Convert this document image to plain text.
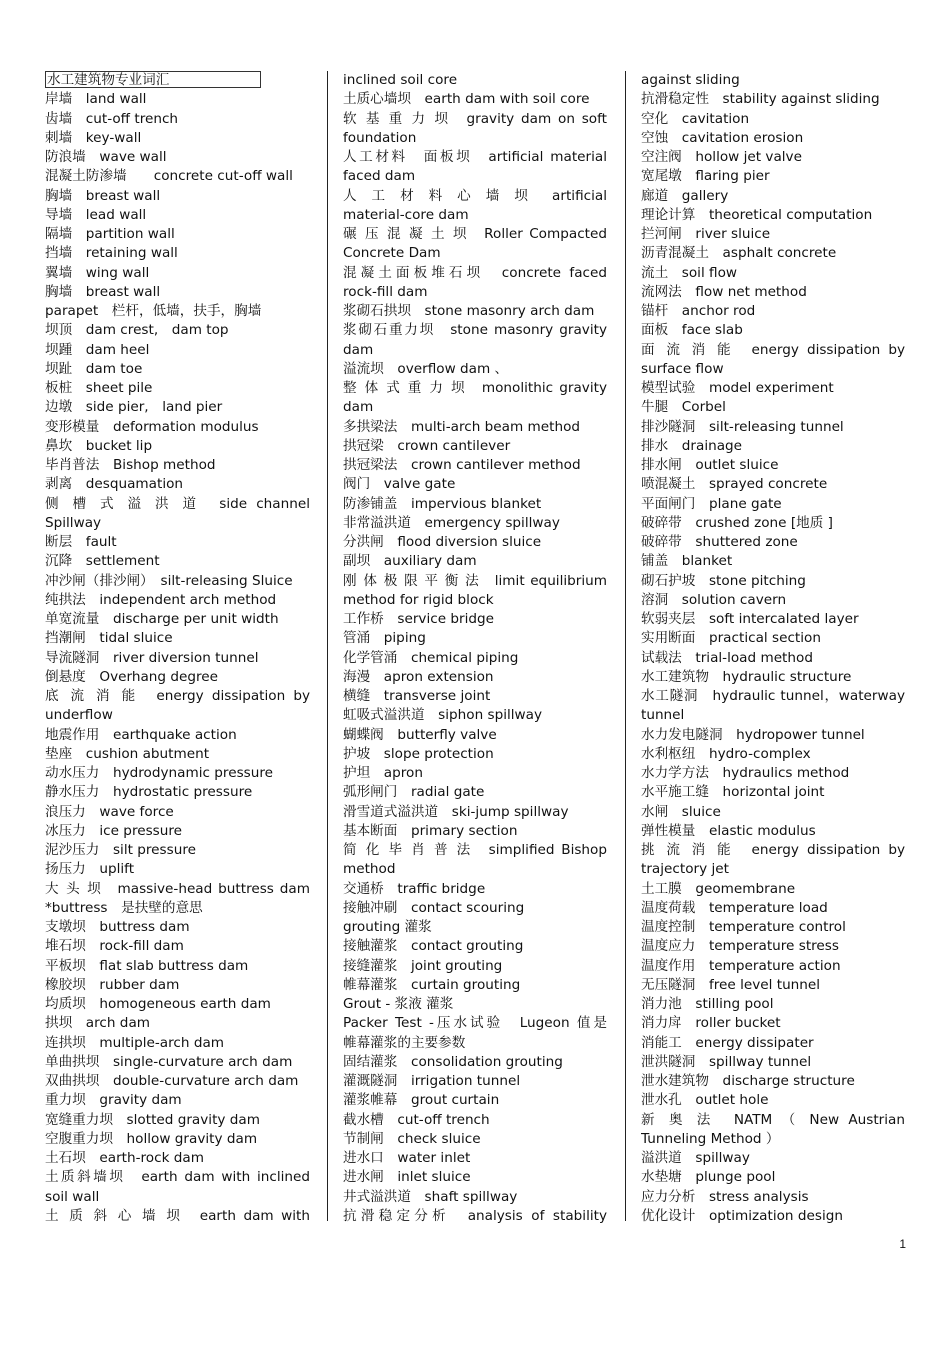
水工建筑物专业词汇
岸墙　land wall
齿墙　cut-off trench
刺墙　key-wall
防浪墙　wave wall
混凝土防渗墙　　concrete cut-off wall
胸墙　breast wall
导墙　lead wall
隔墙　partition wall
挡墙　retaining wall
翼墙　wing wall
胸墙　breast wall
parapet　栏杆，低墙，扶手，胸墙
坝顶　dam crest,　dam top
坝踵　dam heel
坝趾　dam toe
板桩　sheet pile
边墩　side pier,　land pier
变形模量　deformation modulus
鼻坎　bucket lip
毕肖普法　Bishop method
剥离　desquamation
侧 槽 式 溢 洪 道　side channel
Spillway
断层　fault
沉降　settlement
冲沙闸（排沙闸）　silt-releasing Sluice
纯拱法　independent arch method
单宽流量　discharge per unit width
挡潮闸　tidal sluice
导流隧洞　river diversion tunnel
倒悬度　Overhang degree
底 流 消 能　energy dissipation by
underflow
地震作用　earthquake action
垫座　cushion abutment
动水压力　hydrodynamic pressure
静水压力　hydrostatic pressure
浪压力　wave force
冰压力　ice pressure
泥沙压力　silt pressure
扬压力　uplift
大 头 坝　massive-head buttress dam
*buttress　是扶壁的意思
支墩坝　buttress dam
堆石坝　rock-fill dam
平板坝　flat slab buttress dam
橡胶坝　rubber dam
均质坝　homogeneous earth dam
拱坝　arch dam
连拱坝　multiple-arch dam
单曲拱坝　single-curvature arch dam
双曲拱坝　double-curvature arch dam
重力坝　gravity dam
宽缝重力坝　slotted gravity dam
空腹重力坝　hollow gravity dam
土石坝　earth-rock dam
土质斜墙坝　earth dam with inclined
soil wall
土 质 斜 心 墙 坝　earth dam with
inclined soil core
土质心墙坝　earth dam with soil core
软 基 重 力 坝　gravity dam on soft
foundation
人工材料　面板坝　artificial material
faced dam
人 工 材 料 心 墙 坝　artificial
material-core dam
碾 压 混 凝 土 坝　Roller Compacted
Concrete Dam
混凝土面板堆石坝　concrete faced
rock-fill dam
浆砌石拱坝　stone masonry arch dam
浆砌石重力坝　stone masonry gravity
dam
溢流坝　overflow dam 、
整 体 式 重 力 坝　monolithic gravity
dam
多拱梁法　multi-arch beam method
拱冠梁　crown cantilever
拱冠梁法　crown cantilever method
阀门　valve gate
防渗铺盖　impervious blanket
非常溢洪道　emergency spillway
分洪闸　flood diversion sluice
副坝　auxiliary dam
刚 体 极 限 平 衡 法　limit equilibrium
method for rigid block
工作桥　service bridge
管涌　piping
化学管涌　chemical piping
海漫　apron extension
横缝　transverse joint
虹吸式溢洪道　siphon spillway
蝴蝶阀　butterfly valve
护坡　slope protection
护坦　apron
弧形闸门　radial gate
滑雪道式溢洪道　ski-jump spillway
基本断面　primary section
简 化 毕 肖 普 法　simplified Bishop
method
交通桥　traffic bridge
接触冲刷　contact scouring
grouting 灌浆
接触灌浆　contact grouting
接缝灌浆　joint grouting
帷幕灌浆　curtain grouting
Grout - 浆液 灌浆
Packer Test -压水试验　Lugeon 值是
帷幕灌浆的主要参数
固结灌浆　consolidation grouting
灌溉隧洞　irrigation tunnel
灌浆帷幕　grout curtain
截水槽　cut-off trench
节制闸　check sluice
进水口　water inlet
进水闸　inlet sluice
井式溢洪道　shaft spillway
抗滑稳定分析　analysis of stability
against sliding
抗滑稳定性　stability against sliding
空化　cavitation
空蚀　cavitation erosion
空注阀　hollow jet valve
宽尾墩　flaring pier
廊道　gallery
理论计算　theoretical computation
拦河闸　river sluice
沥青混凝土　asphalt concrete
流土　soil flow
流网法　flow net method
锚杆　anchor rod
面板　face slab
面 流 消 能　energy dissipation by
surface flow
模型试验　model experiment
牛腿　Corbel
排沙隧洞　silt-releasing tunnel
排水　drainage
排水闸　outlet sluice
喷混凝土　sprayed concrete
平面闸门　plane gate
破碎带　crushed zone [地质 ]
破碎带　shuttered zone
铺盖　blanket
砌石护坡　stone pitching
溶洞　solution cavern
软弱夹层　soft intercalated layer
实用断面　practical section
试载法　trial-load method
水工建筑物　hydraulic structure
水工隧洞　hydraulic tunnel，waterway
tunnel
水力发电隧洞　hydropower tunnel
水利枢纽　hydro-complex
水力学方法　hydraulics method
水平施工缝　horizontal joint
水闸　sluice
弹性模量　elastic modulus
挑 流 消 能　energy dissipation by
trajectory jet
土工膜　geomembrane
温度荷载　temperature load
温度控制　temperature control
温度应力　temperature stress
温度作用　temperature action
无压隧洞　free level tunnel
消力池　stilling pool
消力戽　roller bucket
消能工　energy dissipater
泄洪隧洞　spillway tunnel
泄水建筑物　discharge structure
泄水孔　outlet hole
新 奥 法　NATM （ New Austrian
Tunneling Method ）
溢洪道　spillway
水垫塘　plunge pool
应力分析　stress analysis
优化设计　optimization design
1
